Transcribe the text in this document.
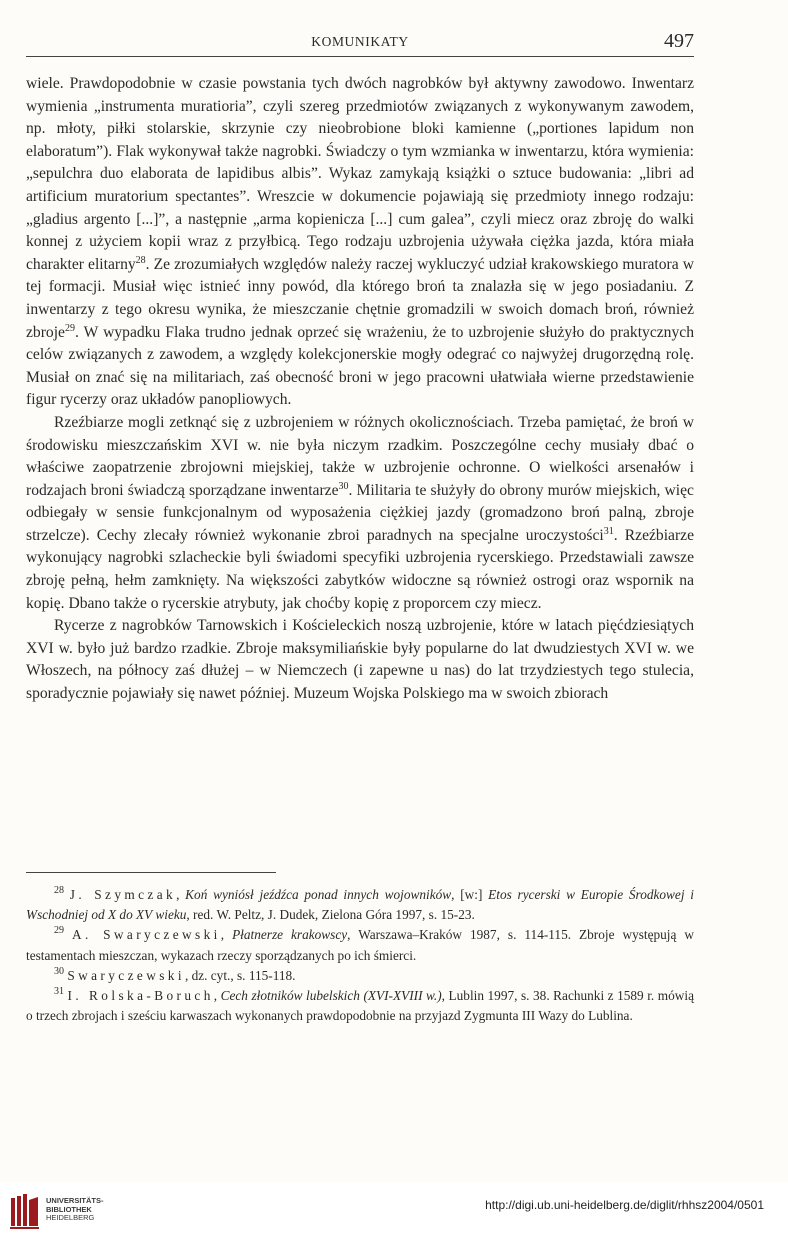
KOMUNIKATY	497

wiele. Prawdopodobnie w czasie powstania tych dwóch nagrobków był aktywny zawodowo. Inwentarz wymienia „instrumenta muratioria”, czyli szereg przedmiotów związanych z wykonywanym zawodem, np. młoty, piłki stolarskie, skrzynie czy nieobrobione bloki kamienne („portiones lapidum non elaboratum”). Flak wykonywał także nagrobki. Świadczy o tym wzmianka w inwentarzu, która wymienia: „sepulchra duo elaborata de lapidibus albis”. Wykaz zamykają książki o sztuce budowania: „libri ad artificium muratorium spectantes”. Wreszcie w dokumencie pojawiają się przedmioty innego rodzaju: „gladius argento [...]”, a następnie „arma kopienicza [...] cum galea”, czyli miecz oraz zbroję do walki konnej z użyciem kopii wraz z przyłbicą. Tego rodzaju uzbrojenia używała ciężka jazda, która miała charakter elitarny$^{28}$. Ze zrozumiałych względów należy raczej wykluczyć udział krakowskiego muratora w tej formacji. Musiał więc istnieć inny powód, dla którego broń ta znalazła się w jego posiadaniu. Z inwentarzy z tego okresu wynika, że mieszczanie chętnie gromadzili w swoich domach broń, również zbroje$^{29}$. W wypadku Flaka trudno jednak oprzeć się wrażeniu, że to uzbrojenie służyło do praktycznych celów związanych z zawodem, a względy kolekcjonerskie mogły odegrać co najwyżej drugorzędną rolę. Musiał on znać się na militariach, zaś obecność broni w jego pracowni ułatwiała wierne przedstawienie figur rycerzy oraz układów panopliowych.

Rzeźbiarze mogli zetknąć się z uzbrojeniem w różnych okolicznościach. Trzeba pamiętać, że broń w środowisku mieszczańskim XVI w. nie była niczym rzadkim. Poszczególne cechy musiały dbać o właściwe zaopatrzenie zbrojowni miejskiej, także w uzbrojenie ochronne. O wielkości arsenałów i rodzajach broni świadczą sporządzane inwentarze$^{30}$. Militaria te służyły do obrony murów miejskich, więc odbiegały w sensie funkcjonalnym od wyposażenia ciężkiej jazdy (gromadzono broń palną, zbroje strzelcze). Cechy zlecały również wykonanie zbroi paradnych na specjalne uroczystości$^{31}$. Rzeźbiarze wykonujący nagrobki szlacheckie byli świadomi specyfiki uzbrojenia rycerskiego. Przedstawiali zawsze zbroję pełną, hełm zamknięty. Na większości zabytków widoczne są również ostrogi oraz wspornik na kopię. Dbano także o rycerskie atrybuty, jak choćby kopię z proporcem czy miecz.

Rycerze z nagrobków Tarnowskich i Kościeleckich noszą uzbrojenie, które w latach pięćdziesiątych XVI w. było już bardzo rzadkie. Zbroje maksymiliańskie były popularne do lat dwudziestych XVI w. we Włoszech, na północy zaś dłużej – w Niemczech (i zapewne u nas) do lat trzydziestych tego stulecia, sporadycznie pojawiały się nawet później. Muzeum Wojska Polskiego ma w swoich zbiorach

$^{28}$ J. Szymczak, Koń wyniósł jeźdźca ponad innych wojowników, [w:] Etos rycerski w Europie Środkowej i Wschodniej od X do XV wieku, red. W. Peltz, J. Dudek, Zielona Góra 1997, s. 15-23.

$^{29}$ A. Swaryczewski, Płatnerze krakowscy, Warszawa–Kraków 1987, s. 114-115. Zbroje występują w testamentach mieszczan, wykazach rzeczy sporządzanych po ich śmierci.

$^{30}$ Swaryczewski, dz. cyt., s. 115-118.

$^{31}$ I. Rolska-Boruch, Cech złotników lubelskich (XVI-XVIII w.), Lublin 1997, s. 38. Rachunki z 1589 r. mówią o trzech zbrojach i sześciu karwaszach wykonanych prawdopodobnie na przyjazd Zygmunta III Wazy do Lublina.

UNIVERSITÄTS-
BIBLIOTHEK
HEIDELBERG
http://digi.ub.uni-heidelberg.de/diglit/rhhsz2004/0501
